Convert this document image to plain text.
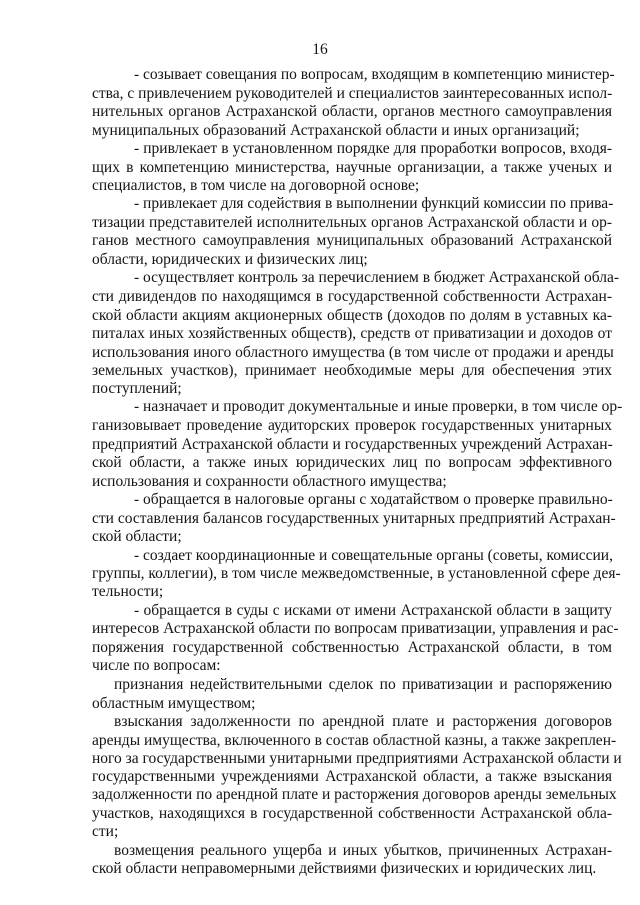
16
- созывает совещания по вопросам, входящим в компетенцию министер-
ства, с привлечением руководителей и специалистов заинтересованных испол-
нительных органов Астраханской области, органов местного самоуправления
муниципальных образований Астраханской области и иных организаций;
- привлекает в установленном порядке для проработки вопросов, входя-
щих в компетенцию министерства, научные организации, а также ученых и
специалистов, в том числе на договорной основе;
- привлекает для содействия в выполнении функций комиссии по прива-
тизации представителей исполнительных органов Астраханской области и ор-
ганов местного самоуправления муниципальных образований Астраханской
области, юридических и физических лиц;
- осуществляет контроль за перечислением в бюджет Астраханской обла-
сти дивидендов по находящимся в государственной собственности Астрахан-
ской области акциям акционерных обществ (доходов по долям в уставных ка-
питалах иных хозяйственных обществ), средств от приватизации и доходов от
использования иного областного имущества (в том числе от продажи и аренды
земельных участков), принимает необходимые меры для обеспечения этих
поступлений;
- назначает и проводит документальные и иные проверки, в том числе ор-
ганизовывает проведение аудиторских проверок государственных унитарных
предприятий Астраханской области и государственных учреждений Астрахан-
ской области, а также иных юридических лиц по вопросам эффективного
использования и сохранности областного имущества;
- обращается в налоговые органы с ходатайством о проверке правильно-
сти составления балансов государственных унитарных предприятий Астрахан-
ской области;
- создает координационные и совещательные органы (советы, комиссии,
группы, коллегии), в том числе межведомственные, в установленной сфере дея-
тельности;
- обращается в суды с исками от имени Астраханской области в защиту
интересов Астраханской области по вопросам приватизации, управления и рас-
поряжения государственной собственностью Астраханской области, в том
числе по вопросам:
признания недействительными сделок по приватизации и распоряжению
областным имуществом;
взыскания задолженности по арендной плате и расторжения договоров
аренды имущества, включенного в состав областной казны, а также закреплен-
ного за государственными унитарными предприятиями Астраханской области и
государственными учреждениями Астраханской области, а также взыскания
задолженности по арендной плате и расторжения договоров аренды земельных
участков, находящихся в государственной собственности Астраханской обла-
сти;
возмещения реального ущерба и иных убытков, причиненных Астрахан-
ской области неправомерными действиями физических и юридических лиц.
